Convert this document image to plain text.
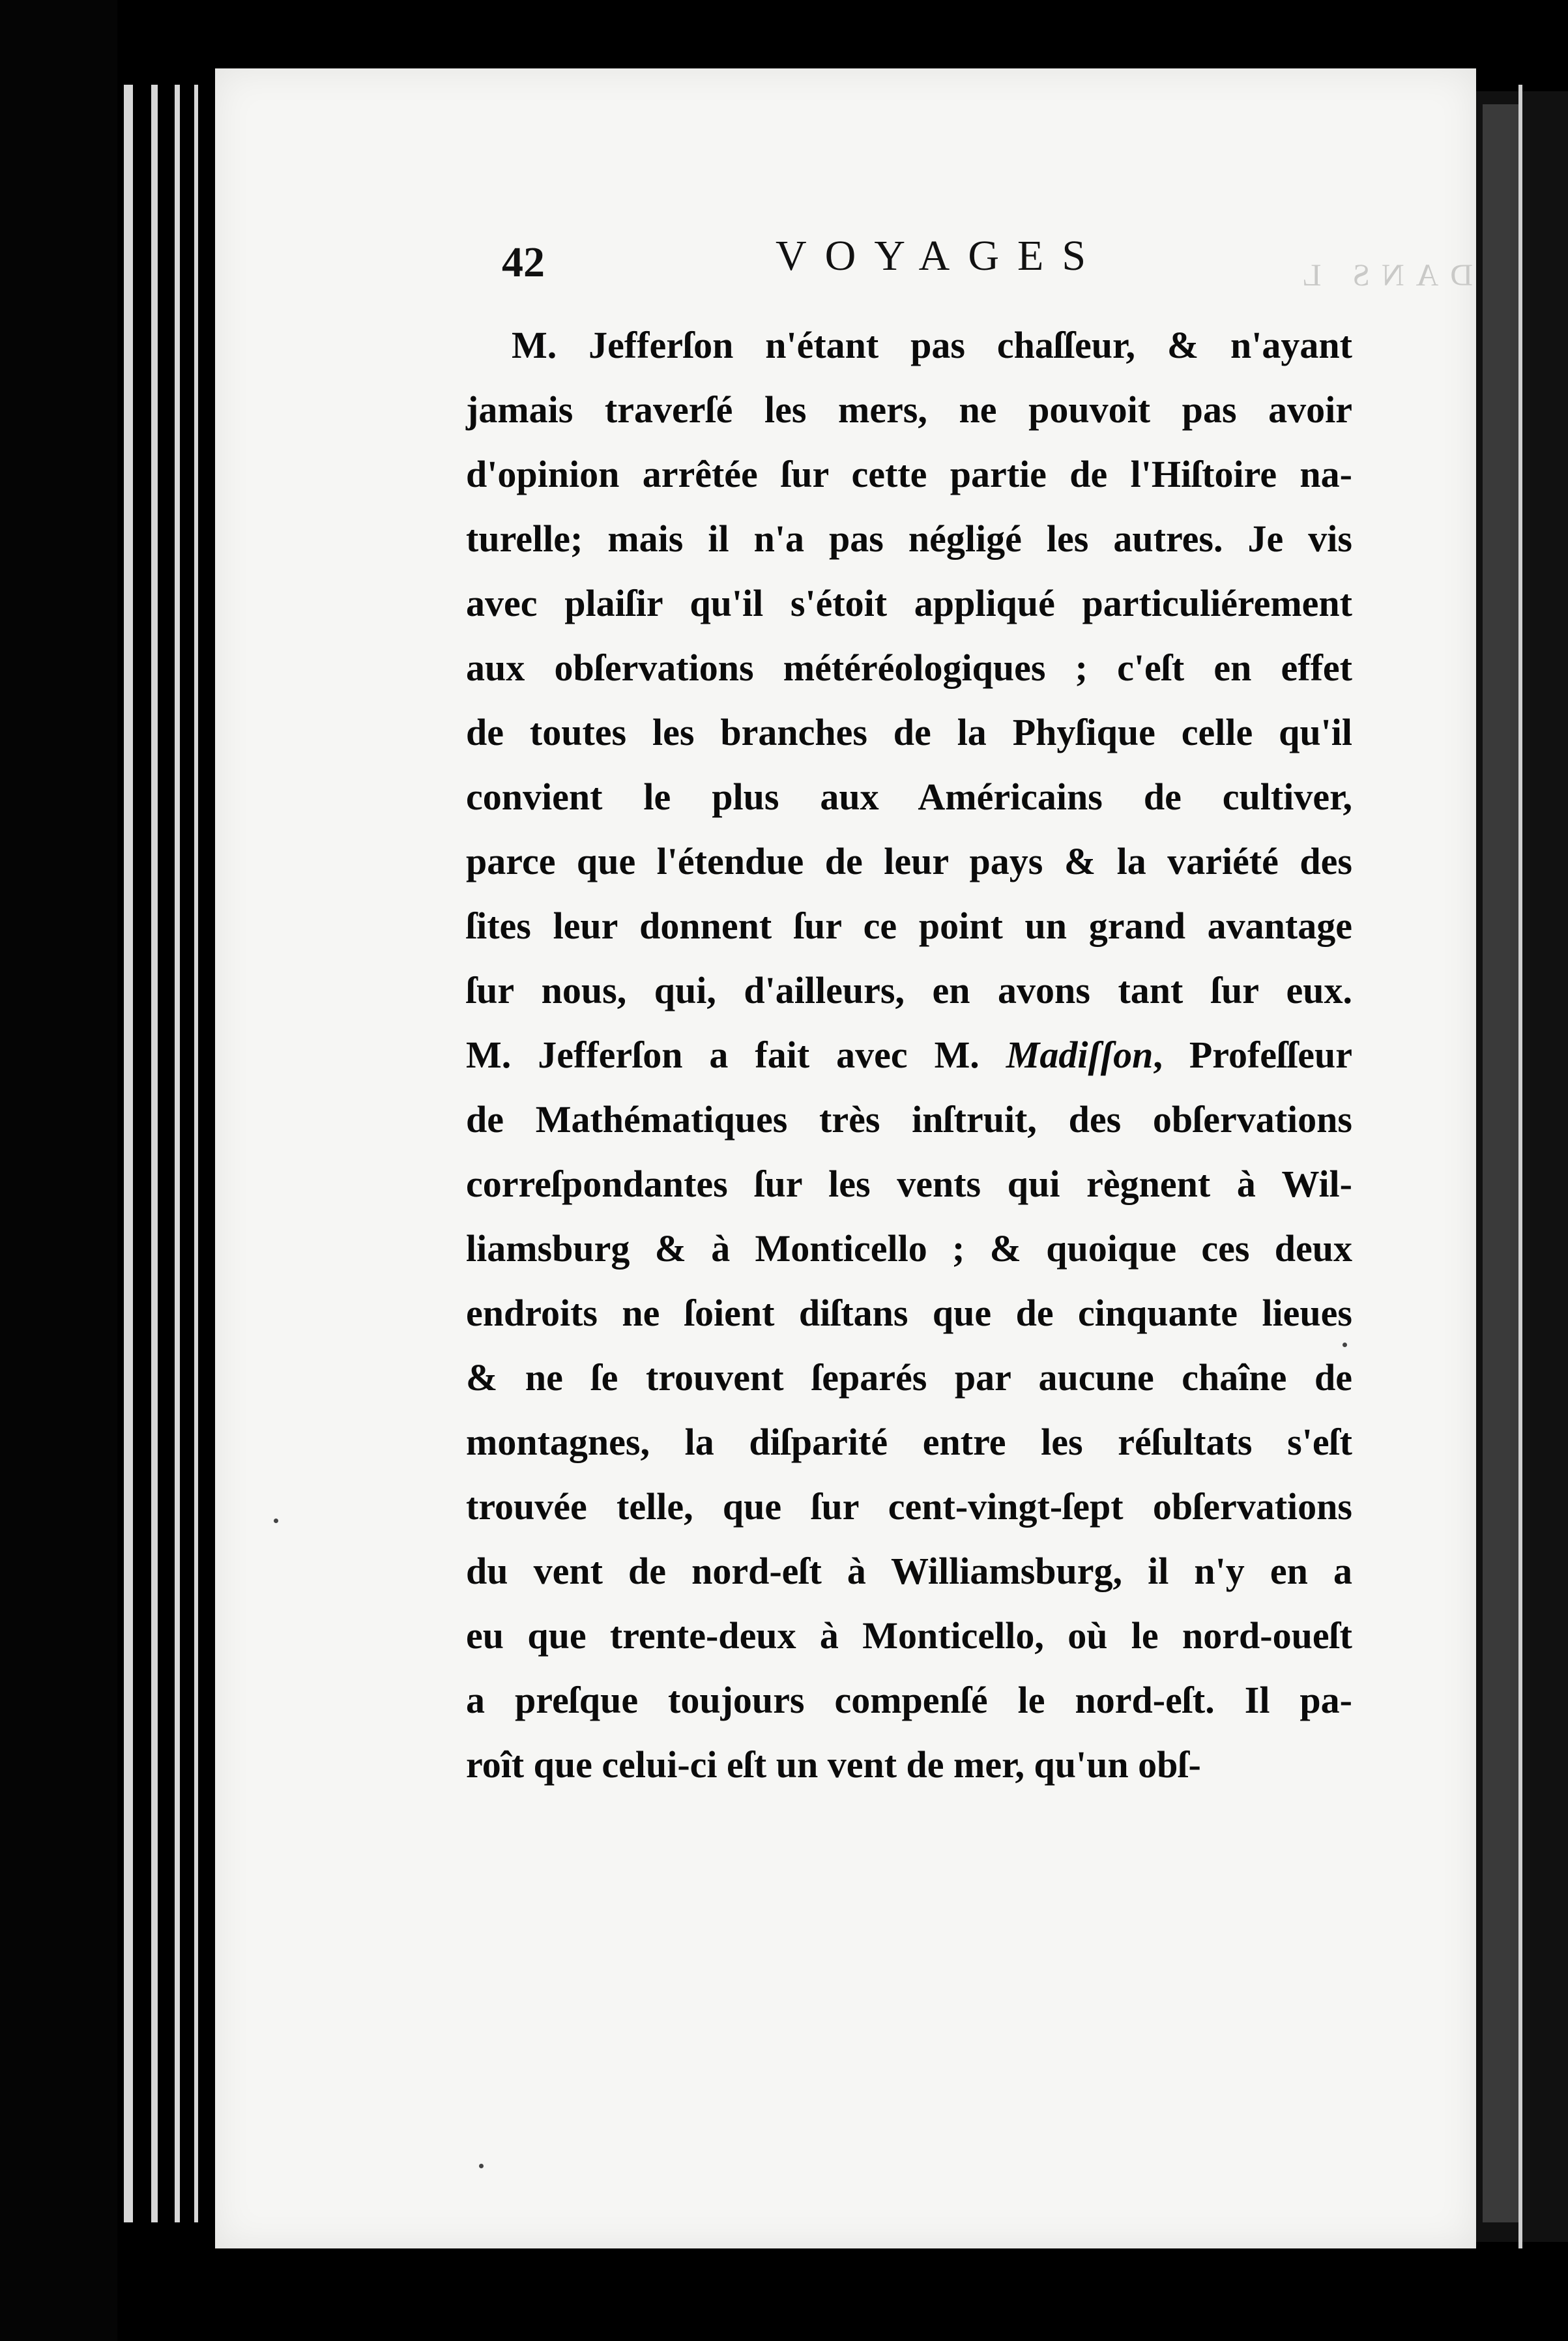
42	VOYAGES	DANS L
M. Jefferſon n'étant pas chaſſeur, & n'ayant
jamais traverſé les mers, ne pouvoit pas avoir
d'opinion arrêtée ſur cette partie de l'Hiſtoire na-
turelle; mais il n'a pas négligé les autres. Je vis
avec plaiſir qu'il s'étoit appliqué particuliérement
aux obſervations météréologiques ; c'eſt en effet
de toutes les branches de la Phyſique celle qu'il
convient le plus aux Américains de cultiver,
parce que l'étendue de leur pays & la variété des
ſites leur donnent ſur ce point un grand avantage
ſur nous, qui, d'ailleurs, en avons tant ſur eux.
M. Jefferſon a fait avec M. Madiſſon, Profeſſeur
de Mathématiques très inſtruit, des obſervations
correſpondantes ſur les vents qui règnent à Wil-
liamsburg & à Monticello ; & quoique ces deux
endroits ne ſoient diſtans que de cinquante lieues
& ne ſe trouvent ſeparés par aucune chaîne de
montagnes, la diſparité entre les réſultats s'eſt
trouvée telle, que ſur cent-vingt-ſept obſervations
du vent de nord-eſt à Williamsburg, il n'y en a
eu que trente-deux à Monticello, où le nord-oueſt
a preſque toujours compenſé le nord-eſt. Il pa-
roît que celui-ci eſt un vent de mer, qu'un obſ-
